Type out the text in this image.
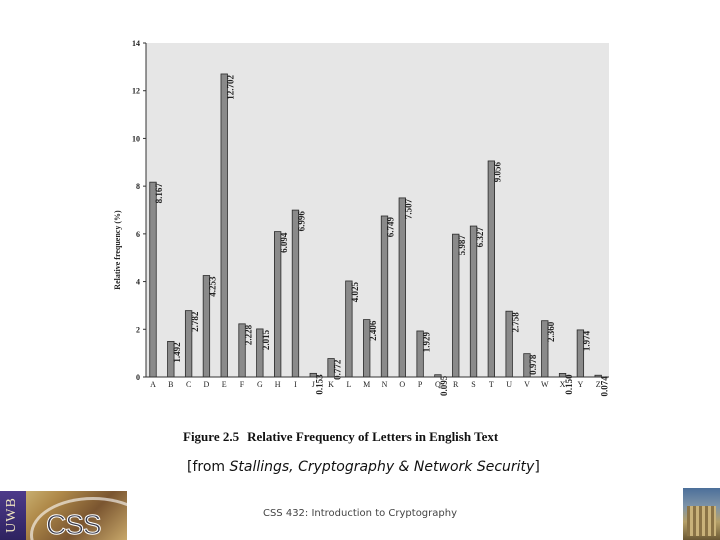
0
2
4
6
8
10
12
14
8.167
1.492
2.782
4.253
12.702
2.228 2.015
6.094
6.996
0.153
0.772
4.025
2.406
6.749
7.507
1.929
0.095
5.987 6.327
9.056
2.758
0.978
2.360
0.150
1.974
0.074
A B C D E F G H I J K L M N O P Q R S T U V W X Y Z
Relative frequency (%)

Figure 2.5 Relative Frequency of Letters in English Text

[from Stallings, Cryptography & Network Security]
UWB CSS	CSS 432: Introduction to Cryptography
